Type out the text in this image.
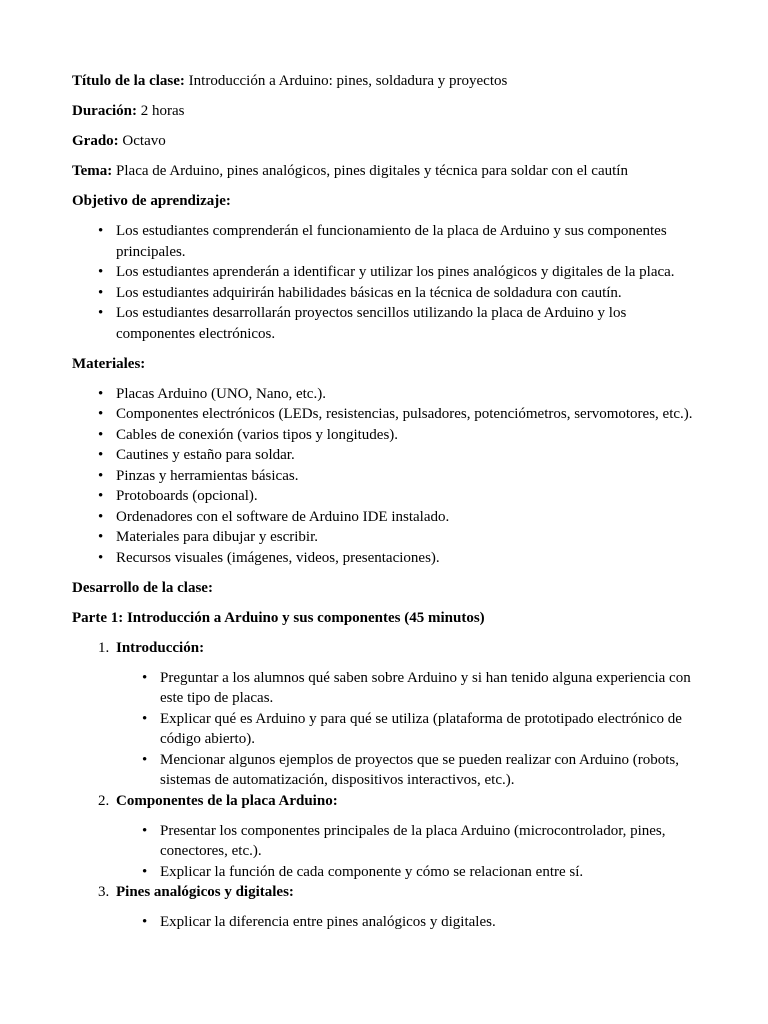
Título de la clase: Introducción a Arduino: pines, soldadura y proyectos

Duración: 2 horas

Grado: Octavo

Tema: Placa de Arduino, pines analógicos, pines digitales y técnica para soldar con el cautín

Objetivo de aprendizaje:

• Los estudiantes comprenderán el funcionamiento de la placa de Arduino y sus componentes principales.
• Los estudiantes aprenderán a identificar y utilizar los pines analógicos y digitales de la placa.
• Los estudiantes adquirirán habilidades básicas en la técnica de soldadura con cautín.
• Los estudiantes desarrollarán proyectos sencillos utilizando la placa de Arduino y los componentes electrónicos.

Materiales:

• Placas Arduino (UNO, Nano, etc.).
• Componentes electrónicos (LEDs, resistencias, pulsadores, potenciómetros, servomotores, etc.).
• Cables de conexión (varios tipos y longitudes).
• Cautines y estaño para soldar.
• Pinzas y herramientas básicas.
• Protoboards (opcional).
• Ordenadores con el software de Arduino IDE instalado.
• Materiales para dibujar y escribir.
• Recursos visuales (imágenes, videos, presentaciones).

Desarrollo de la clase:

Parte 1: Introducción a Arduino y sus componentes (45 minutos)

1. Introducción:
• Preguntar a los alumnos qué saben sobre Arduino y si han tenido alguna experiencia con este tipo de placas.
• Explicar qué es Arduino y para qué se utiliza (plataforma de prototipado electrónico de código abierto).
• Mencionar algunos ejemplos de proyectos que se pueden realizar con Arduino (robots, sistemas de automatización, dispositivos interactivos, etc.).
2. Componentes de la placa Arduino:
• Presentar los componentes principales de la placa Arduino (microcontrolador, pines, conectores, etc.).
• Explicar la función de cada componente y cómo se relacionan entre sí.
3. Pines analógicos y digitales:
• Explicar la diferencia entre pines analógicos y digitales.
